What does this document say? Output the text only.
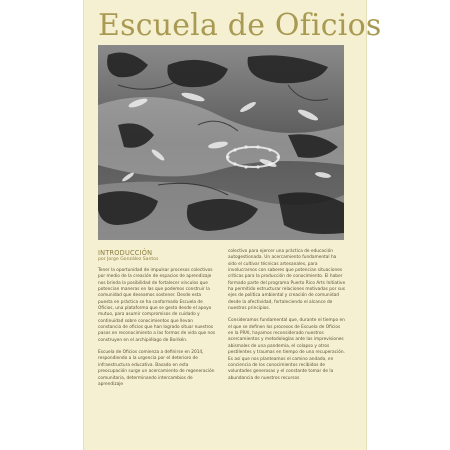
Escuela de Oficios
INTRODUCCIÓN
por Jorge González Santos

Tener la oportunidad de impulsar procesos colectivos por medio de la creación de espacios de aprendizaje nos brinda la posibilidad de fortalecer vínculos que potencian maneras en las que podemos construir la comunidad que deseamos sostener. Desde esta puesta en práctica se ha conformado Escuela de Oficios, una plataforma que se gesta desde el apoyo mutuo, para asumir compromisos de cuidado y continuidad sobre conocimientos que llevan constancia de oficios que han logrado situar nuestros pasos en reconocimiento a las formas de vida que nos construyen en el archipiélago de Borikén.

Escuela de Oficios comienza a definirse en 2014, respondiendo a la urgencia por el deterioro de infraestructura educativa. Basado en esta preocupación surge un acercamiento de regeneración comunitaria, determinando intercambios de aprendizaje

colectivo para ejercer una práctica de educación autogestionada. Un acercamiento fundamental ha sido el cultivar técnicas artesanales, para involucrarnos con saberes que potencian situaciones críticas para la producción de conocimiento. El haber formado parte del programa Puerto Rico Arts Initiative ha permitido estructurar relaciones motivadas por sus ejes de política ambiental y creación de comunidad desde la afectividad, fortaleciendo el alcance de nuestros principios.

Consideramos fundamental que, durante el tiempo en el que se definen los procesos de Escuela de Oficios en la PRAI, hayamos reconsiderado nuestros acercamientos y metodologías ante las imprevisiones abismales de una pandemia, el colapso y otros pestilentes y traumas en tiempo de una recuperación. Es así que nos planteamos el camino andado, en conciencia de los conocimientos recibidos de voluntades generosas y el constante tomar de la abundancia de nuestros recursos
